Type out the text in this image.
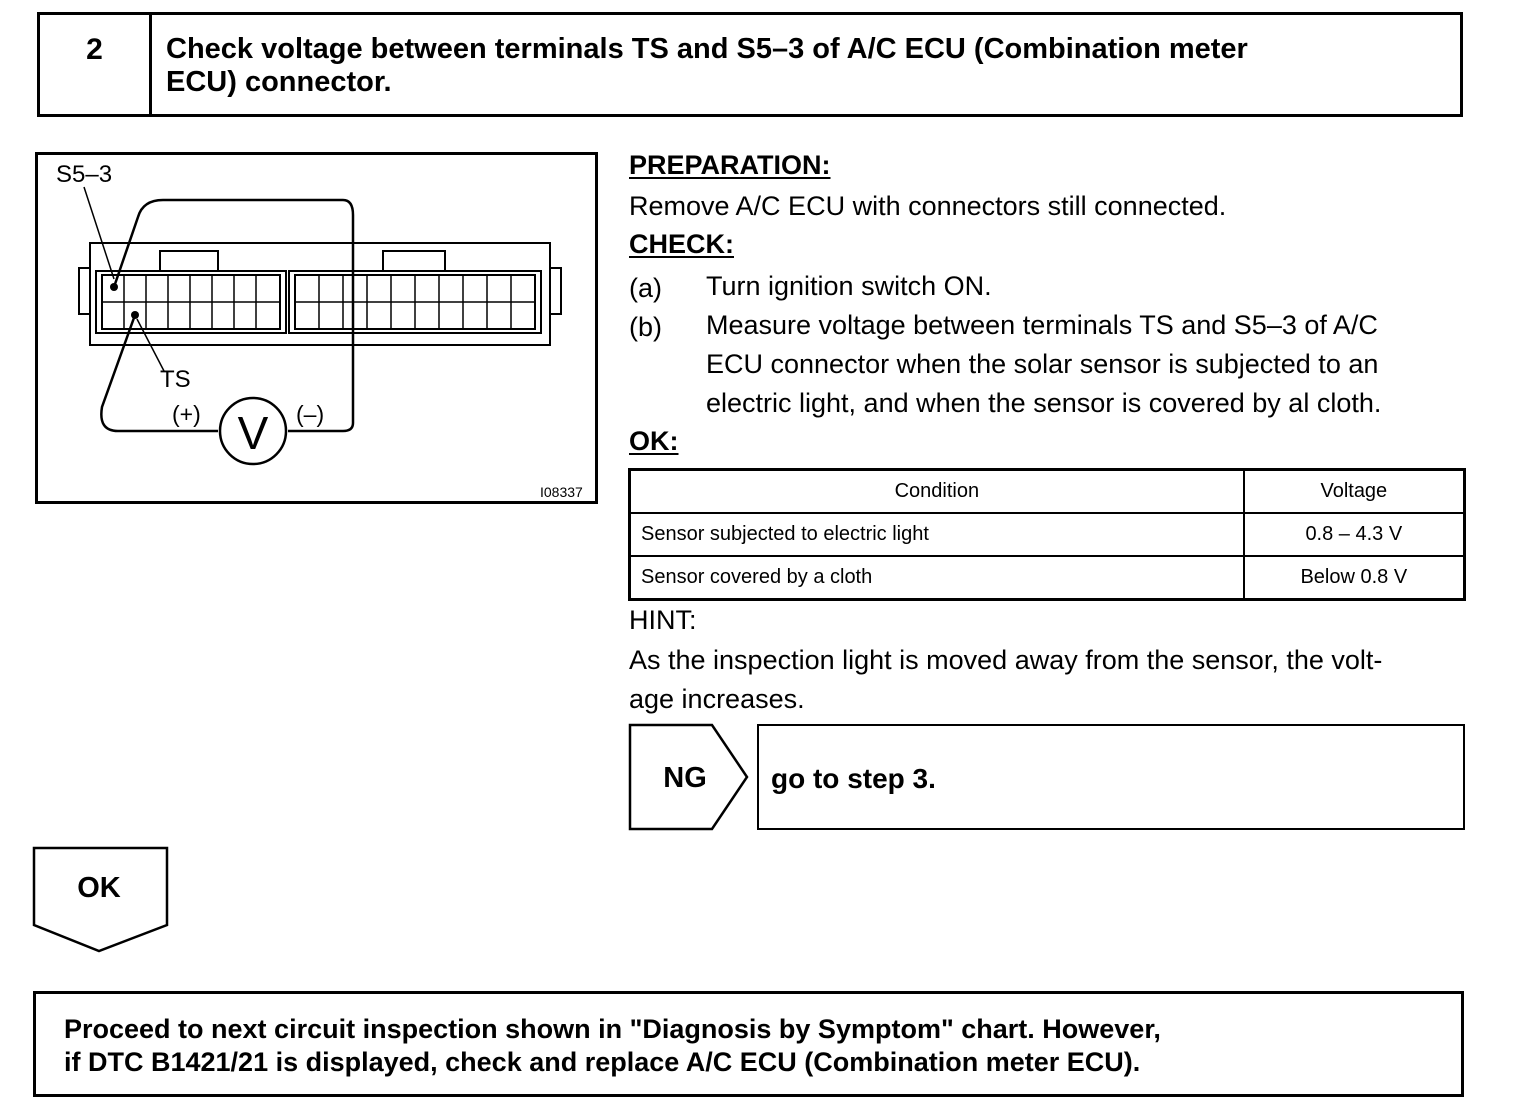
2	Check voltage between terminals TS and S5–3 of A/C ECU (Combination meter
ECU) connector.
V
S5–3
TS
(+)	(–)
I08337
PREPARATION:
Remove A/C ECU with connectors still connected.
CHECK:
(a) Turn ignition switch ON.
(b) Measure voltage between terminals TS and S5–3 of A/C
ECU connector when the solar sensor is subjected to an
electric light, and when the sensor is covered by al cloth.
OK:
Condition	Voltage
Sensor subjected to electric light	0.8 – 4.3 V
Sensor covered by a cloth	Below 0.8 V
HINT:
As the inspection light is moved away from the sensor, the volt-
age increases.
NG go to step 3.
OK
Proceed to next circuit inspection shown in "Diagnosis by Symptom" chart. However,
if DTC B1421/21 is displayed, check and replace A/C ECU (Combination meter ECU).
